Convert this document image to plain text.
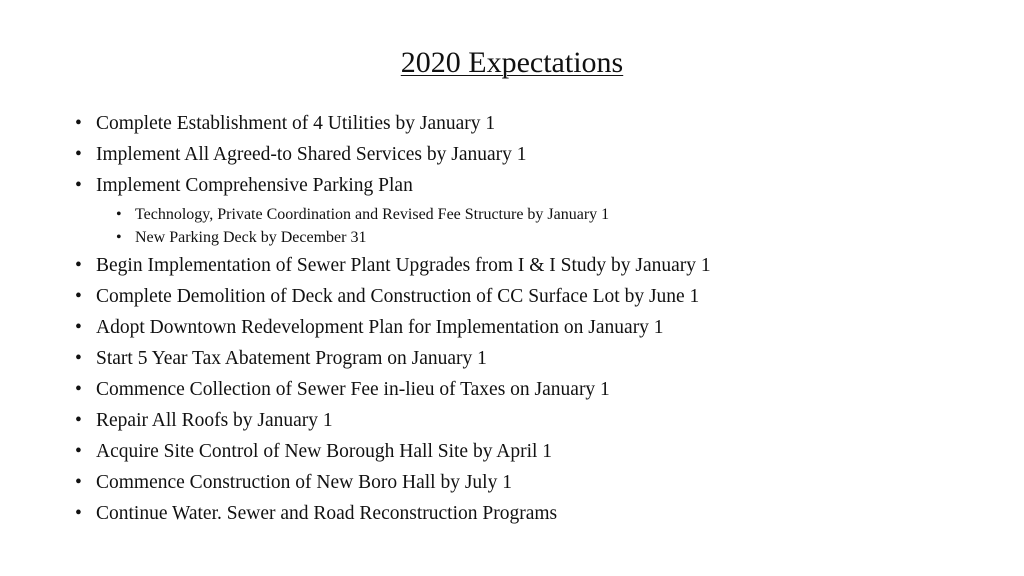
2020 Expectations
• Complete Establishment of 4 Utilities by January 1
• Implement All Agreed-to Shared Services by January 1
• Implement Comprehensive Parking Plan
• Technology, Private Coordination and Revised Fee Structure by January 1
• New Parking Deck by December 31
• Begin Implementation of Sewer Plant Upgrades from I & I Study by January 1
• Complete Demolition of Deck and Construction of CC Surface Lot by June 1
• Adopt Downtown Redevelopment Plan for Implementation on January 1
• Start 5 Year Tax Abatement Program on January 1
• Commence Collection of Sewer Fee in-lieu of Taxes on January 1
• Repair All Roofs by January 1
• Acquire Site Control of New Borough Hall Site by April 1
• Commence Construction of New Boro Hall by July 1
• Continue Water. Sewer and Road Reconstruction Programs
